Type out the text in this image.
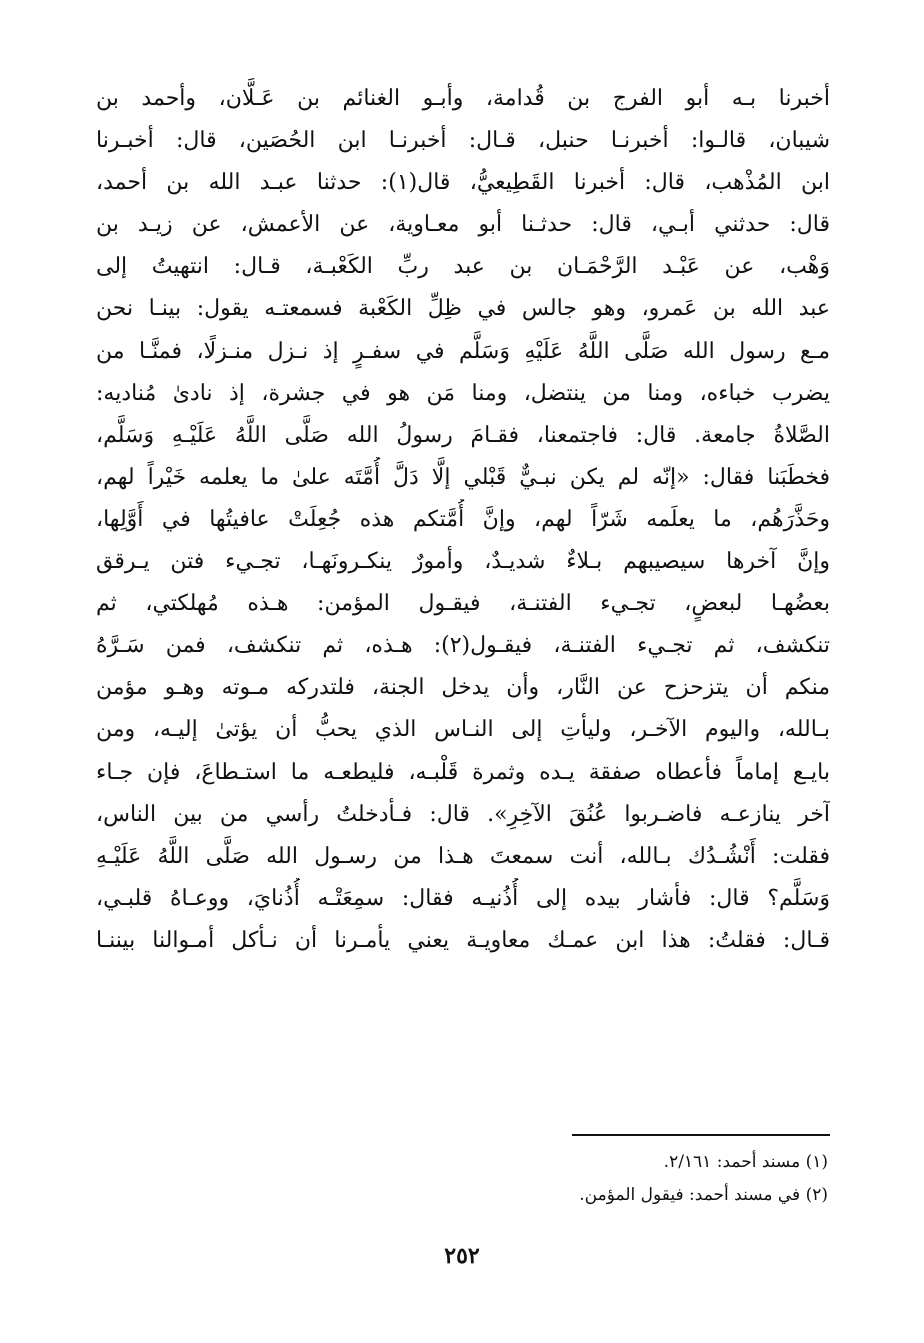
أخبرنا بـه أبو الفرج بن قُدامة، وأبـو الغنائم بن عَـلَّان، وأحمد بن
شيبان، قالـوا: أخبرنـا حنبل، قـال: أخبرنـا ابن الحُصَين، قال: أخبـرنا
ابن المُذْهب، قال: أخبرنا القَطِيعيُّ، قال(١): حدثنا عبـد الله بن أحمد،
قال: حدثني أبـي، قال: حدثـنا أبو معـاوية، عن الأعمش، عن زيـد بن
وَهْب، عن عَبْـد الرَّحْمَـان بن عبد ربِّ الكَعْبـة، قـال: انتهيتُ إلى
عبد الله بن عَمرو، وهو جالس في ظِلِّ الكَعْبة فسمعتـه يقول: بينـا نحن
مـع رسول الله صَلَّى اللَّهُ عَلَيْهِ وَسَلَّم في سفـرٍ إذ نـزل منـزلًا، فمنَّـا من
يضرب خباءه، ومنا من ينتضل، ومنا مَن هو في جشرة، إذ نادىٰ مُناديه:
الصَّلاةُ جامعة. قال: فاجتمعنا، فقـامَ رسولُ الله صَلَّى اللَّهُ عَلَيْـهِ وَسَلَّم،
فخطَبَنا فقال: «إنّه لم يكن نبـيٌّ قَبْلي إلَّا دَلَّ أُمَّتَه علىٰ ما يعلمه خَيْراً لهم،
وحَذَّرَهُم، ما يعلَمه شَرّاً لهم، وإنَّ أُمَّتكم هذه جُعِلَتْ عافيتُها في أَوَّلِها،
وإنَّ آخرها سيصيبهم بـلاءٌ شديـدٌ، وأمورٌ ينكـرونَهـا، تجـيء فتن يـرقق
بعضُهـا لبعضٍ، تجـيء الفتنـة، فيقـول المؤمن: هـذه مُهلكتي، ثم
تنكشف، ثم تجـيء الفتنـة، فيقـول(٢): هـذه، ثم تنكشف، فمن سَـرَّهُ
منكم أن يتزحزح عن النَّار، وأن يدخل الجنة، فلتدركه مـوته وهـو مؤمن
بـالله، واليوم الآخـر، وليأتِ إلى النـاس الذي يحبُّ أن يؤتىٰ إليـه، ومن
بايـع إماماً فأعطاه صفقة يـده وثمرة قَلْبـه، فليطعـه ما استـطاعَ، فإن جـاء
آخر ينازعـه فاضـربوا عُنُقَ الآخِرِ». قال: فـأدخلتُ رأسي من بين الناس،
فقلت: أَنْشُـدُك بـالله، أنت سمعتَ هـذا من رسـول الله صَلَّى اللَّهُ عَلَيْـهِ
وَسَلَّم؟ قال: فأشار بيده إلى أُذُنيـه فقال: سمِعَتْـه أُذُنايَ، ووعـاهُ قلبـي،
قـال: فقلتُ: هذا ابن عمـك معاويـة يعني يأمـرنا أن نـأكل أمـوالنا بيننـا
(١) مسند أحمد: ٢/١٦١.
(٢) في مسند أحمد: فيقول المؤمن.
٢٥٢
